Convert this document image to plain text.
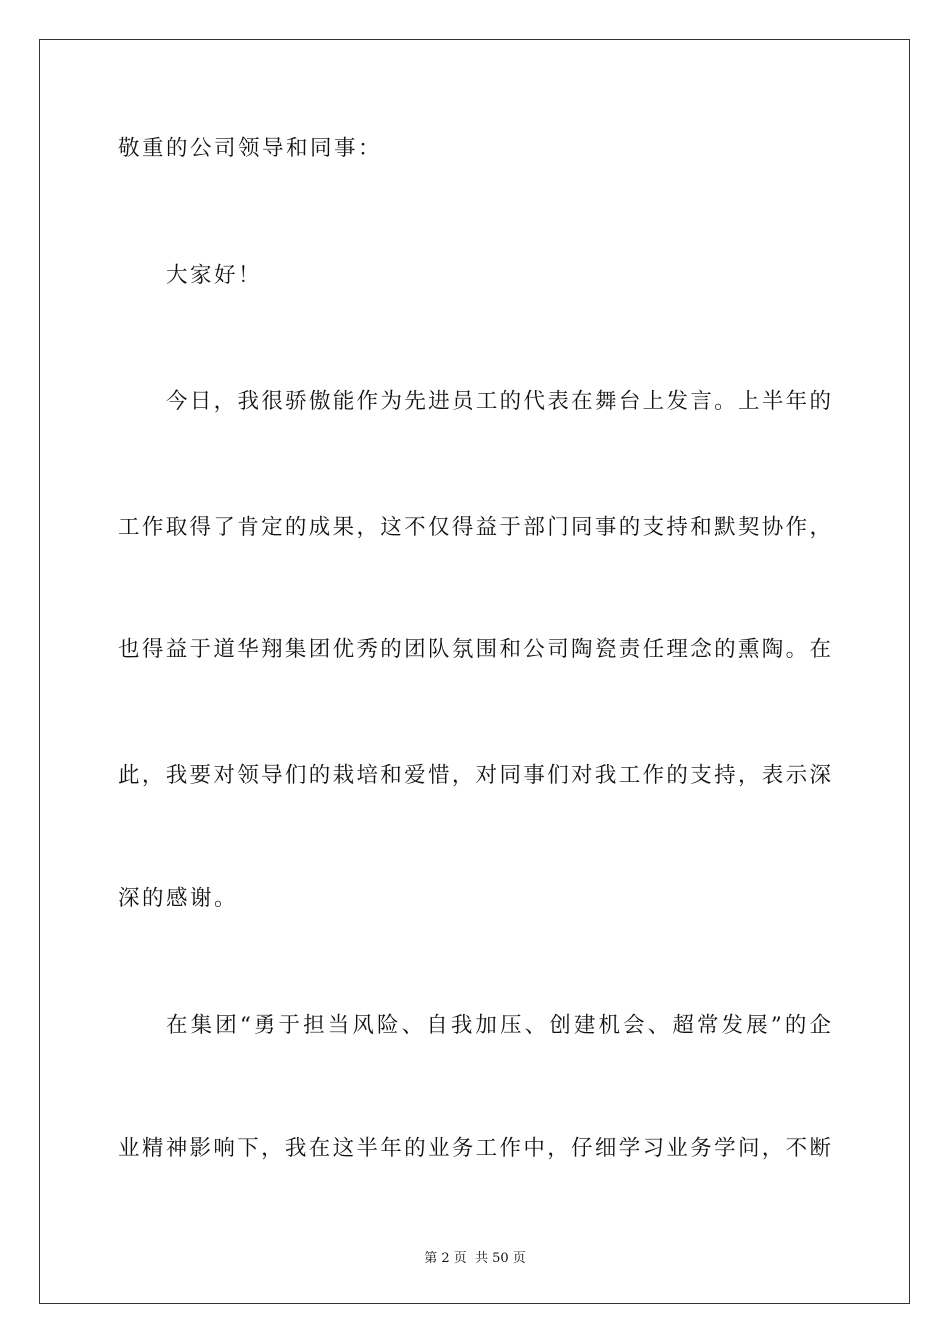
敬重的公司领导和同事：
大家好！
今日，我很骄傲能作为先进员工的代表在舞台上发言。上半年的
工作取得了肯定的成果，这不仅得益于部门同事的支持和默契协作，
也得益于道华翔集团优秀的团队氛围和公司陶瓷责任理念的熏陶。在
此，我要对领导们的栽培和爱惜，对同事们对我工作的支持，表示深
深的感谢。
在集团“勇于担当风险、自我加压、创建机会、超常发展”的企
业精神影响下，我在这半年的业务工作中，仔细学习业务学问，不断
第 2 页 共 50 页
